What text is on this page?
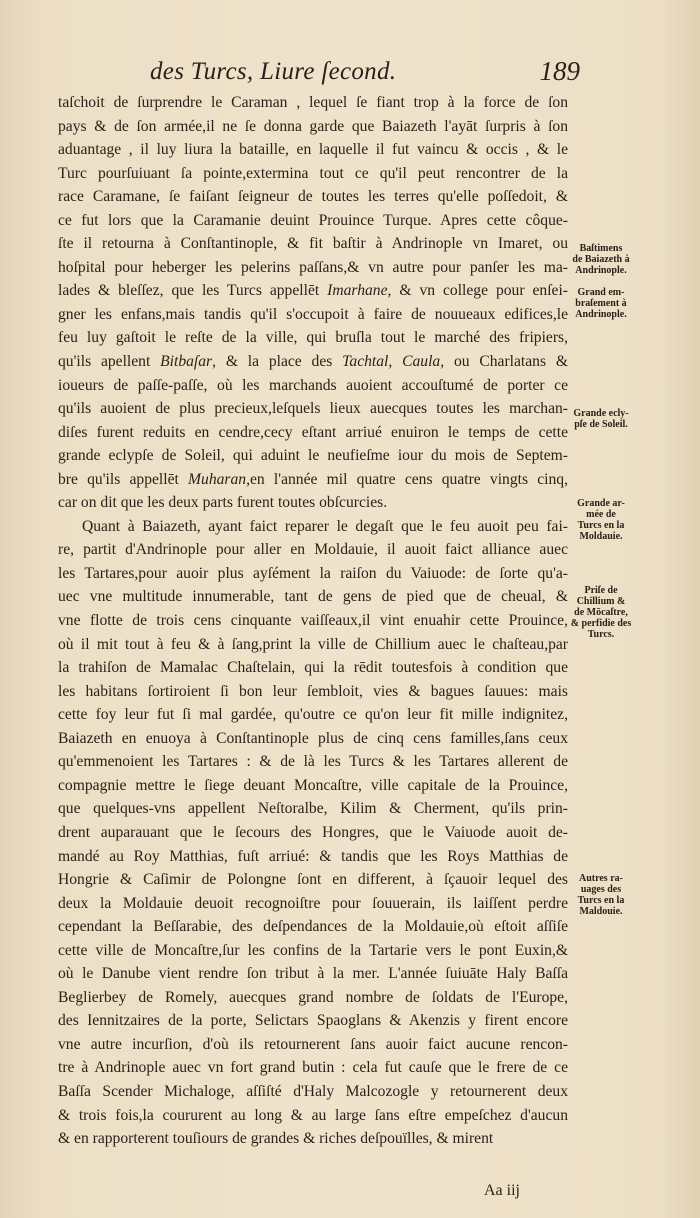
des Turcs, Liure ſecond.	189
taſchoit de ſurprendre le Caraman , lequel ſe fiant trop à la force de ſon
pays & de ſon armée,il ne ſe donna garde que Baiazeth l'ayāt ſurpris à ſon
aduantage , il luy liura la bataille, en laquelle il fut vaincu & occis , & le
Turc pourſuiuant ſa pointe,extermina tout ce qu'il peut rencontrer de la
race Caramane, ſe faiſant ſeigneur de toutes les terres qu'elle poſſedoit, &
ce fut lors que la Caramanie deuint Prouince Turque. Apres cette côque-
ſte il retourna à Conſtantinople, & fit baſtir à Andrinople vn Imaret, ou
hoſpital pour heberger les pelerins paſſans,& vn autre pour panſer les ma-
lades & bleſſez, que les Turcs appellēt Imarhane, & vn college pour enſei-
gner les enfans,mais tandis qu'il s'occupoit à faire de nouueaux edifices,le
feu luy gaſtoit le reſte de la ville, qui bruſla tout le marché des fripiers,
qu'ils apellent Bitbaſar, & la place des Tachtal, Caula, ou Charlatans &
ioueurs de paſſe-paſſe, où les marchands auoient accouſtumé de porter ce
qu'ils auoient de plus precieux,leſquels lieux auecques toutes les marchan-
diſes furent reduits en cendre,cecy eſtant arriué enuiron le temps de cette
grande eclypſe de Soleil, qui aduint le neufieſme iour du mois de Septem-
bre qu'ils appellēt Muharan,en l'année mil quatre cens quatre vingts cinq,
car on dit que les deux parts furent toutes obſcurcies.
Quant à Baiazeth, ayant faict reparer le degaſt que le feu auoit peu fai-
re, partit d'Andrinople pour aller en Moldauie, il auoit faict alliance auec
les Tartares,pour auoir plus ayſément la raiſon du Vaiuode: de ſorte qu'a-
uec vne multitude innumerable, tant de gens de pied que de cheual, &
vne flotte de trois cens cinquante vaiſſeaux,il vint enuahir cette Prouince,
où il mit tout à feu & à ſang,print la ville de Chillium auec le chaſteau,par
la trahiſon de Mamalac Chaſtelain, qui la rēdit toutesfois à condition que
les habitans ſortiroient ſi bon leur ſembloit, vies & bagues ſauues: mais
cette foy leur fut ſi mal gardée, qu'outre ce qu'on leur fit mille indignitez,
Baiazeth en enuoya à Conſtantinople plus de cinq cens familles,ſans ceux
qu'emmenoient les Tartares : & de là les Turcs & les Tartares allerent de
compagnie mettre le ſiege deuant Moncaſtre, ville capitale de la Prouince,
que quelques-vns appellent Neſtoralbe, Kilim & Cherment, qu'ils prin-
drent auparauant que le ſecours des Hongres, que le Vaiuode auoit de-
mandé au Roy Matthias, fuſt arriué: & tandis que les Roys Matthias de
Hongrie & Caſimir de Polongne ſont en different, à ſçauoir lequel des
deux la Moldauie deuoit recognoiſtre pour ſouuerain, ils laiſſent perdre
cependant la Beſſarabie, des deſpendances de la Moldauie,où eſtoit aſſiſe
cette ville de Moncaſtre,ſur les confins de la Tartarie vers le pont Euxin,&
où le Danube vient rendre ſon tribut à la mer. L'année ſuiuāte Haly Baſſa
Beglierbey de Romely, auecques grand nombre de ſoldats de l'Europe,
des Iennitzaires de la porte, Selictars Spaoglans & Akenzis y firent encore
vne autre incurſion, d'où ils retournerent ſans auoir faict aucune rencon-
tre à Andrinople auec vn fort grand butin : cela fut cauſe que le frere de ce
Baſſa Scender Michaloge, aſſiſté d'Haly Malcozogle y retournerent deux
& trois fois,la coururent au long & au large ſans eſtre empeſchez d'aucun
& en rapporterent touſiours de grandes & riches deſpouïlles, & mirent
Baſtimens
de Baiazeth à
Andrinople.
Grand em-
braſement à
Andrinople.
Grande ecly-
pſe de Soleil.
Grande ar-
mée de
Turcs en la
Moldauie.
Priſe de
Chillium &
de Mōcaſtre,
& perfidie des
Turcs.
Autres ra-
uages des
Turcs en la
Maldouie.
Aa iij
